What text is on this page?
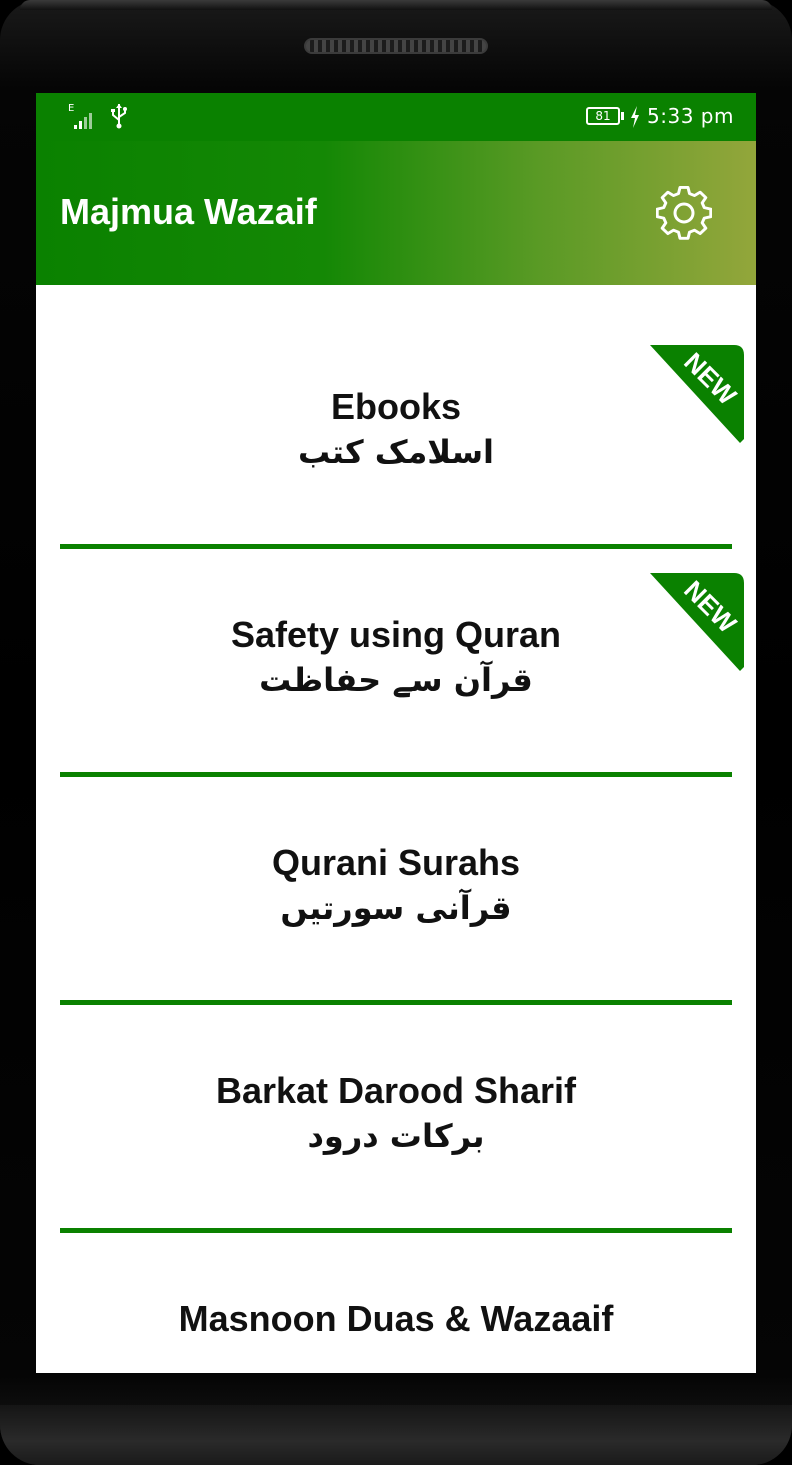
E
81	5:33 pm
Majmua Wazaif
Ebooks
اسلامک کتب
NEW
Safety using Quran
قرآن سے حفاظت
NEW
Qurani Surahs
قرآنی سورتیں
Barkat Darood Sharif
برکات درود
Masnoon Duas & Wazaaif
